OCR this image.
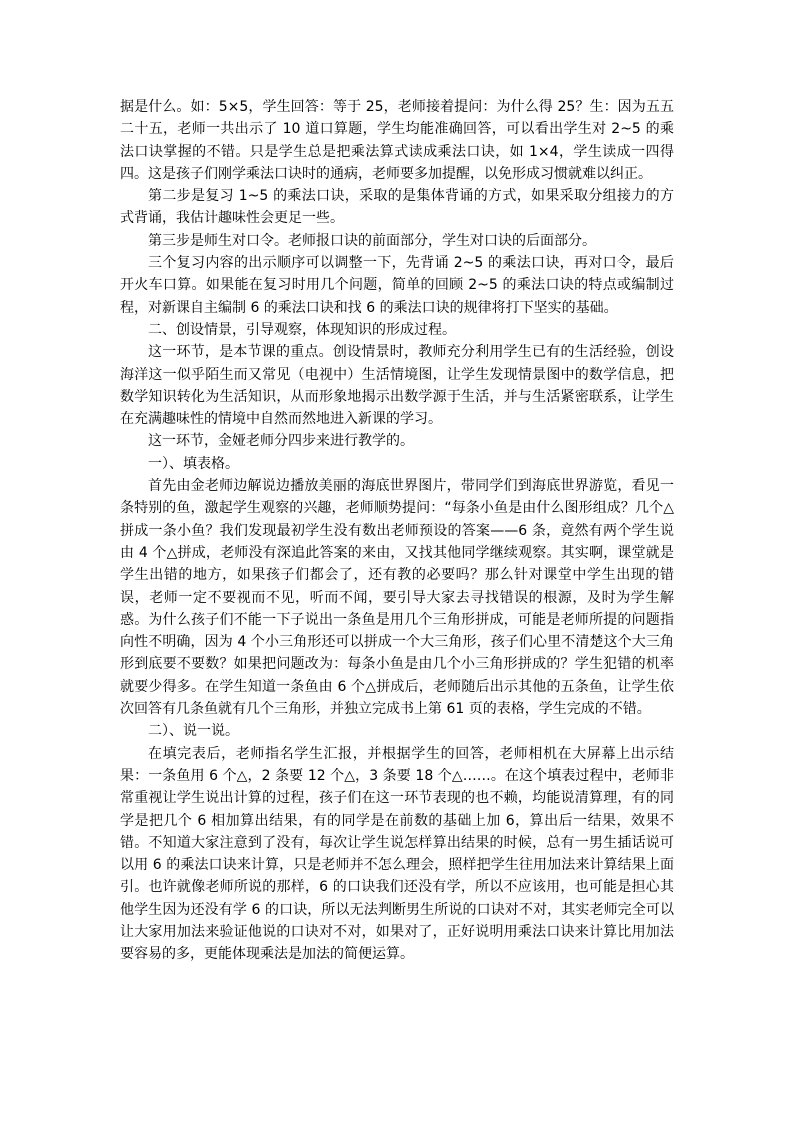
据是什么。如：5×5，学生回答：等于 25，老师接着提问：为什么得 25？生：因为五五二十五，老师一共出示了 10 道口算题，学生均能准确回答，可以看出学生对 2~5 的乘法口诀掌握的不错。只是学生总是把乘法算式读成乘法口诀，如 1×4，学生读成一四得四。这是孩子们刚学乘法口诀时的通病，老师要多加提醒，以免形成习惯就难以纠正。

第二步是复习 1~5 的乘法口诀，采取的是集体背诵的方式，如果采取分组接力的方式背诵，我估计趣味性会更足一些。

第三步是师生对口令。老师报口诀的前面部分，学生对口诀的后面部分。

三个复习内容的出示顺序可以调整一下，先背诵 2~5 的乘法口诀，再对口令，最后开火车口算。如果能在复习时用几个问题，简单的回顾 2~5 的乘法口诀的特点或编制过程，对新课自主编制 6 的乘法口诀和找 6 的乘法口诀的规律将打下坚实的基础。

二、创设情景，引导观察，体现知识的形成过程。

这一环节，是本节课的重点。创设情景时，教师充分利用学生已有的生活经验，创设海洋这一似乎陌生而又常见（电视中）生活情境图，让学生发现情景图中的数学信息，把数学知识转化为生活知识，从而形象地揭示出数学源于生活，并与生活紧密联系，让学生在充满趣味性的情境中自然而然地进入新课的学习。

这一环节，金娅老师分四步来进行教学的。

一）、填表格。

首先由金老师边解说边播放美丽的海底世界图片，带同学们到海底世界游览，看见一条特别的鱼，激起学生观察的兴趣，老师顺势提问：“每条小鱼是由什么图形组成？几个△拼成一条小鱼？我们发现最初学生没有数出老师预设的答案——6 条，竟然有两个学生说由 4 个△拼成，老师没有深追此答案的来由，又找其他同学继续观察。其实啊，课堂就是学生出错的地方，如果孩子们都会了，还有教的必要吗？那么针对课堂中学生出现的错误，老师一定不要视而不见，听而不闻，要引导大家去寻找错误的根源，及时为学生解惑。为什么孩子们不能一下子说出一条鱼是用几个三角形拼成，可能是老师所提的问题指向性不明确，因为 4 个小三角形还可以拼成一个大三角形，孩子们心里不清楚这个大三角形到底要不要数？如果把问题改为：每条小鱼是由几个小三角形拼成的？学生犯错的机率就要少得多。在学生知道一条鱼由 6 个△拼成后，老师随后出示其他的五条鱼，让学生依次回答有几条鱼就有几个三角形，并独立完成书上第 61 页的表格，学生完成的不错。

二）、说一说。

在填完表后，老师指名学生汇报，并根据学生的回答，老师相机在大屏幕上出示结果：一条鱼用 6 个△，2 条要 12 个△，3 条要 18 个△……。在这个填表过程中，老师非常重视让学生说出计算的过程，孩子们在这一环节表现的也不赖，均能说清算理，有的同学是把几个 6 相加算出结果，有的同学是在前数的基础上加 6，算出后一结果，效果不错。不知道大家注意到了没有，每次让学生说怎样算出结果的时候，总有一男生插话说可以用 6 的乘法口诀来计算，只是老师并不怎么理会，照样把学生往用加法来计算结果上面引。也许就像老师所说的那样，6 的口诀我们还没有学，所以不应该用，也可能是担心其他学生因为还没有学 6 的口诀，所以无法判断男生所说的口诀对不对，其实老师完全可以让大家用加法来验证他说的口诀对不对，如果对了，正好说明用乘法口诀来计算比用加法要容易的多，更能体现乘法是加法的简便运算。
